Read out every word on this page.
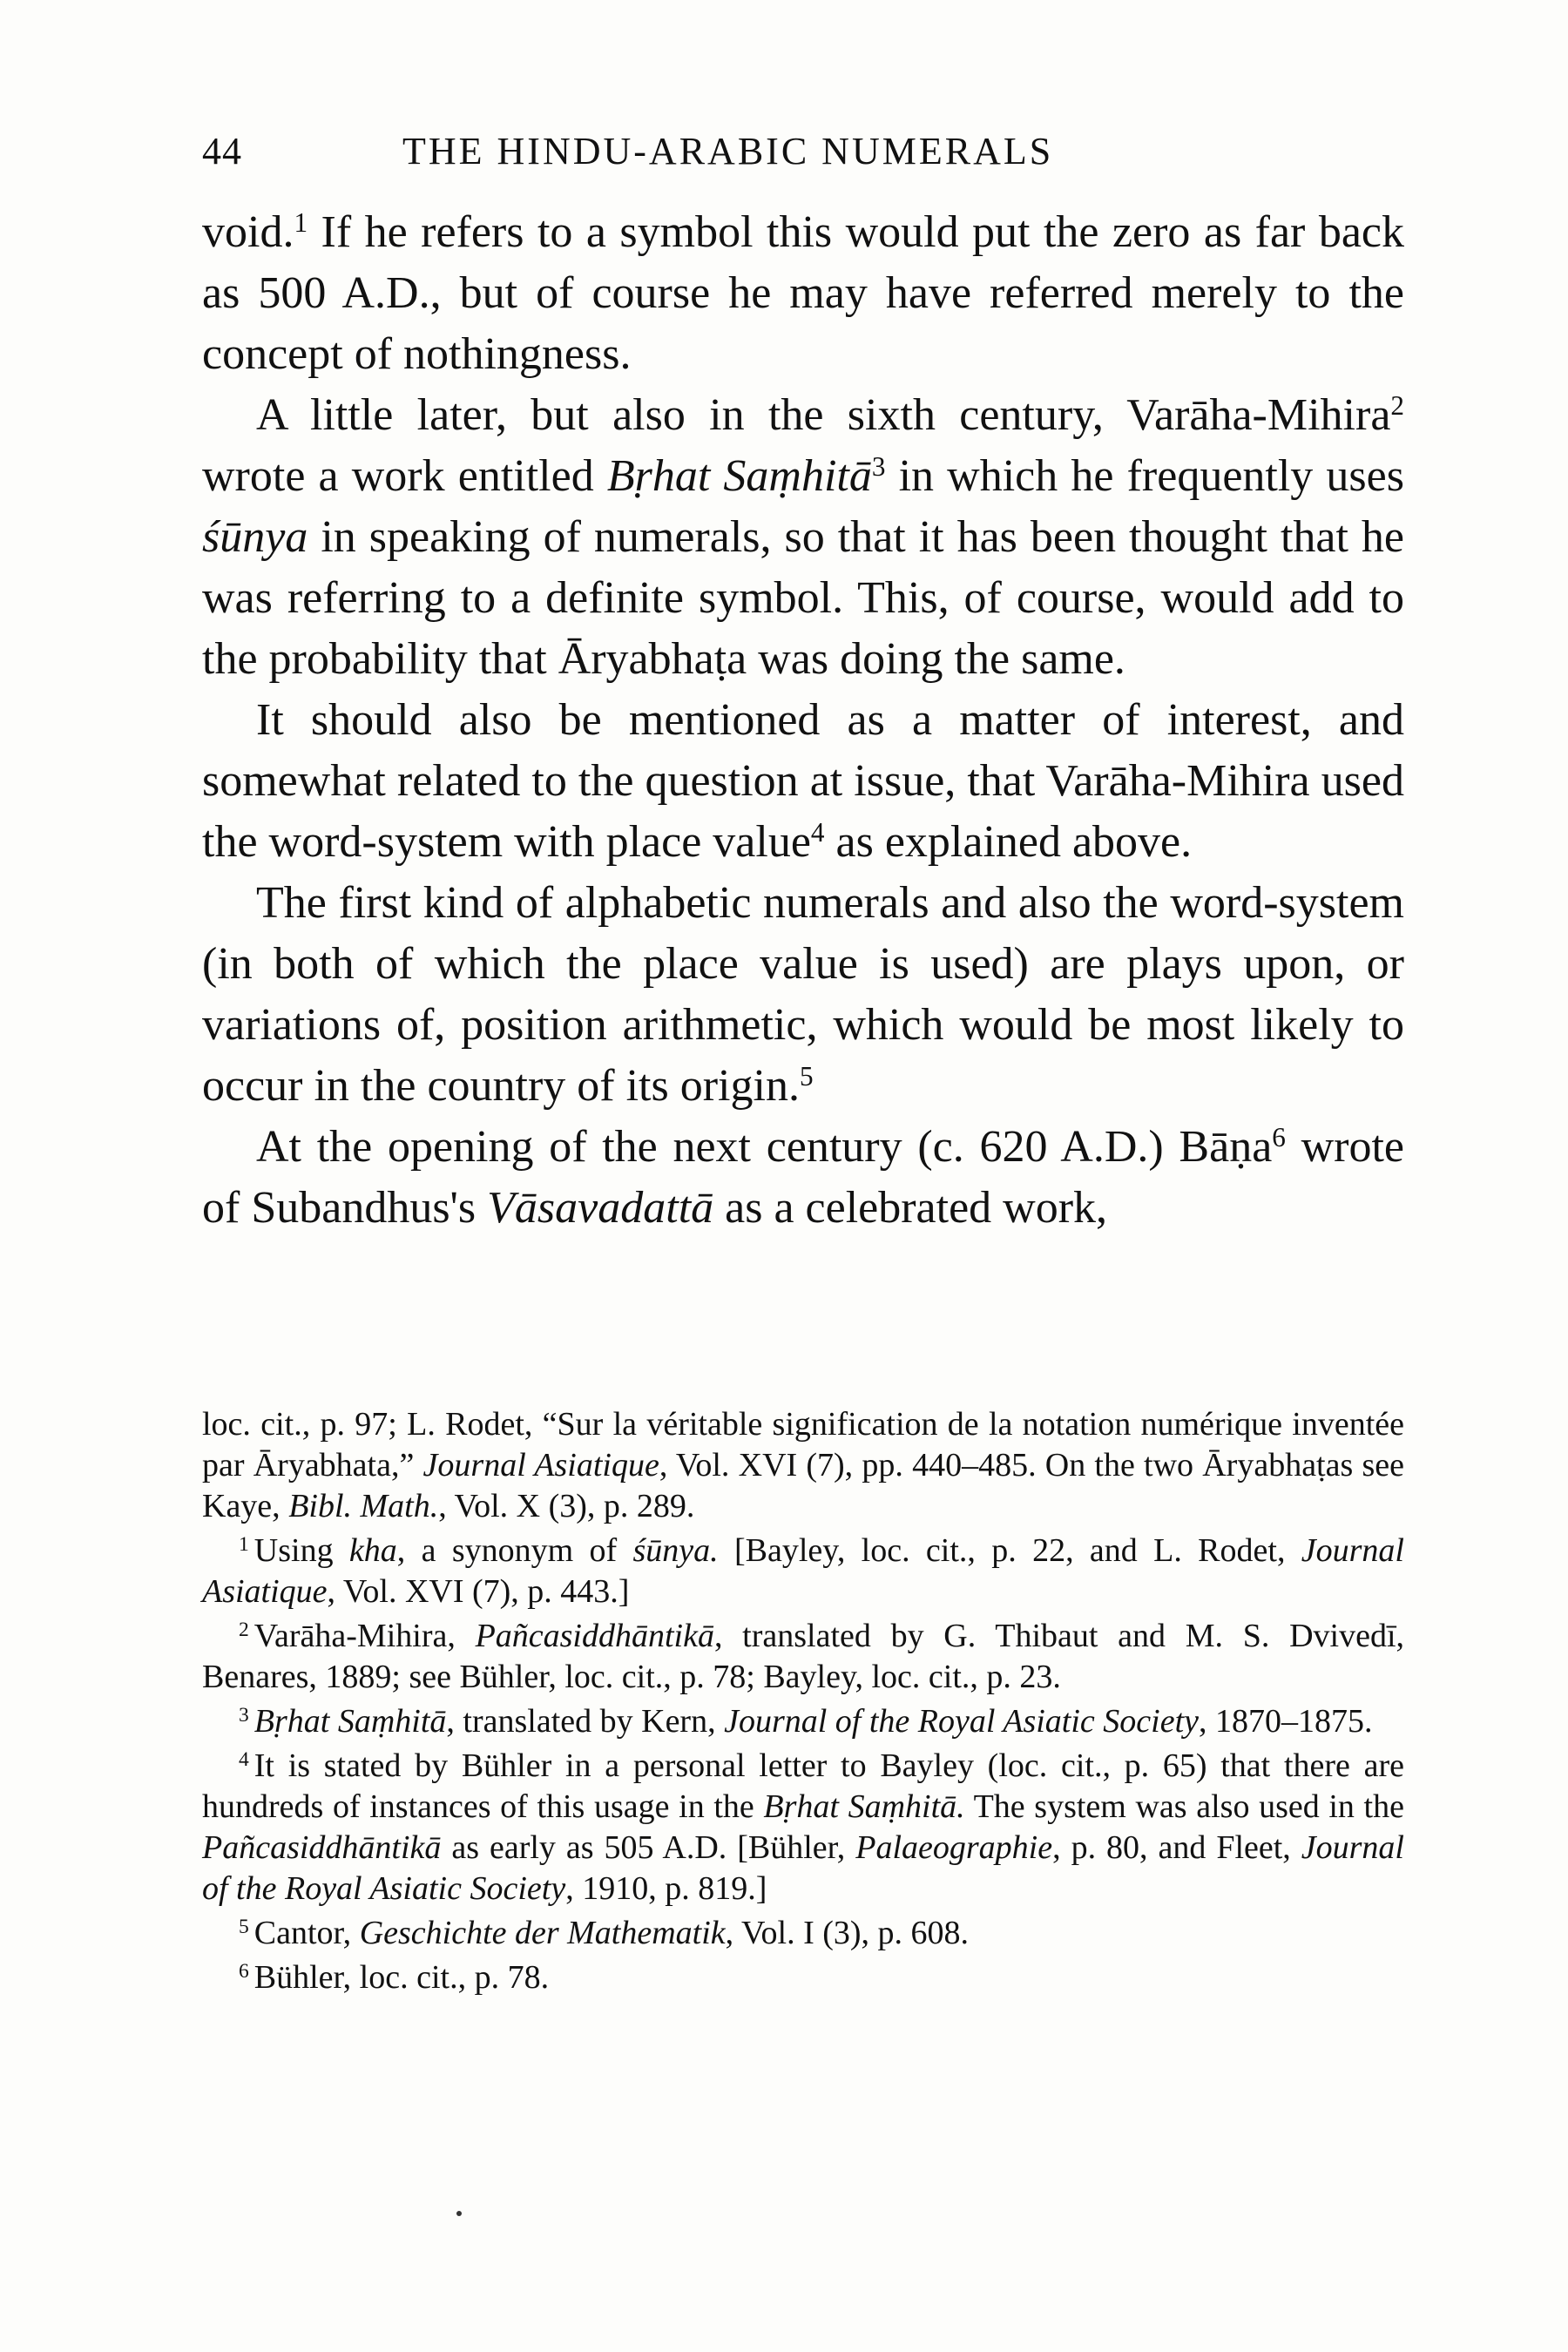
44	THE HINDU-ARABIC NUMERALS

void.$^1$ If he refers to a symbol this would put the zero as far back as 500 A.D., but of course he may have referred merely to the concept of nothingness.

A little later, but also in the sixth century, Varāha-Mihira$^2$ wrote a work entitled Bṛhat Saṃhitā$^3$ in which he frequently uses śūnya in speaking of numerals, so that it has been thought that he was referring to a definite symbol. This, of course, would add to the probability that Āryabhaṭa was doing the same.

It should also be mentioned as a matter of interest, and somewhat related to the question at issue, that Varāha-Mihira used the word-system with place value$^4$ as explained above.

The first kind of alphabetic numerals and also the word-system (in both of which the place value is used) are plays upon, or variations of, position arithmetic, which would be most likely to occur in the country of its origin.$^5$

At the opening of the next century (c. 620 A.D.) Bāṇa$^6$ wrote of Subandhus's Vāsavadattā as a celebrated work,

loc. cit., p. 97; L. Rodet, “Sur la véritable signification de la notation numérique inventée par Āryabhata,” Journal Asiatique, Vol. XVI (7), pp. 440–485. On the two Āryabhaṭas see Kaye, Bibl. Math., Vol. X (3), p. 289.

$^1$ Using kha, a synonym of śūnya. [Bayley, loc. cit., p. 22, and L. Rodet, Journal Asiatique, Vol. XVI (7), p. 443.]

$^2$ Varāha-Mihira, Pañcasiddhāntikā, translated by G. Thibaut and M. S. Dvivedī, Benares, 1889; see Bühler, loc. cit., p. 78; Bayley, loc. cit., p. 23.

$^3$ Bṛhat Saṃhitā, translated by Kern, Journal of the Royal Asiatic Society, 1870–1875.

$^4$ It is stated by Bühler in a personal letter to Bayley (loc. cit., p. 65) that there are hundreds of instances of this usage in the Bṛhat Saṃhitā. The system was also used in the Pañcasiddhāntikā as early as 505 A.D. [Bühler, Palaeographie, p. 80, and Fleet, Journal of the Royal Asiatic Society, 1910, p. 819.]

$^5$ Cantor, Geschichte der Mathematik, Vol. I (3), p. 608.

$^6$ Bühler, loc. cit., p. 78.
